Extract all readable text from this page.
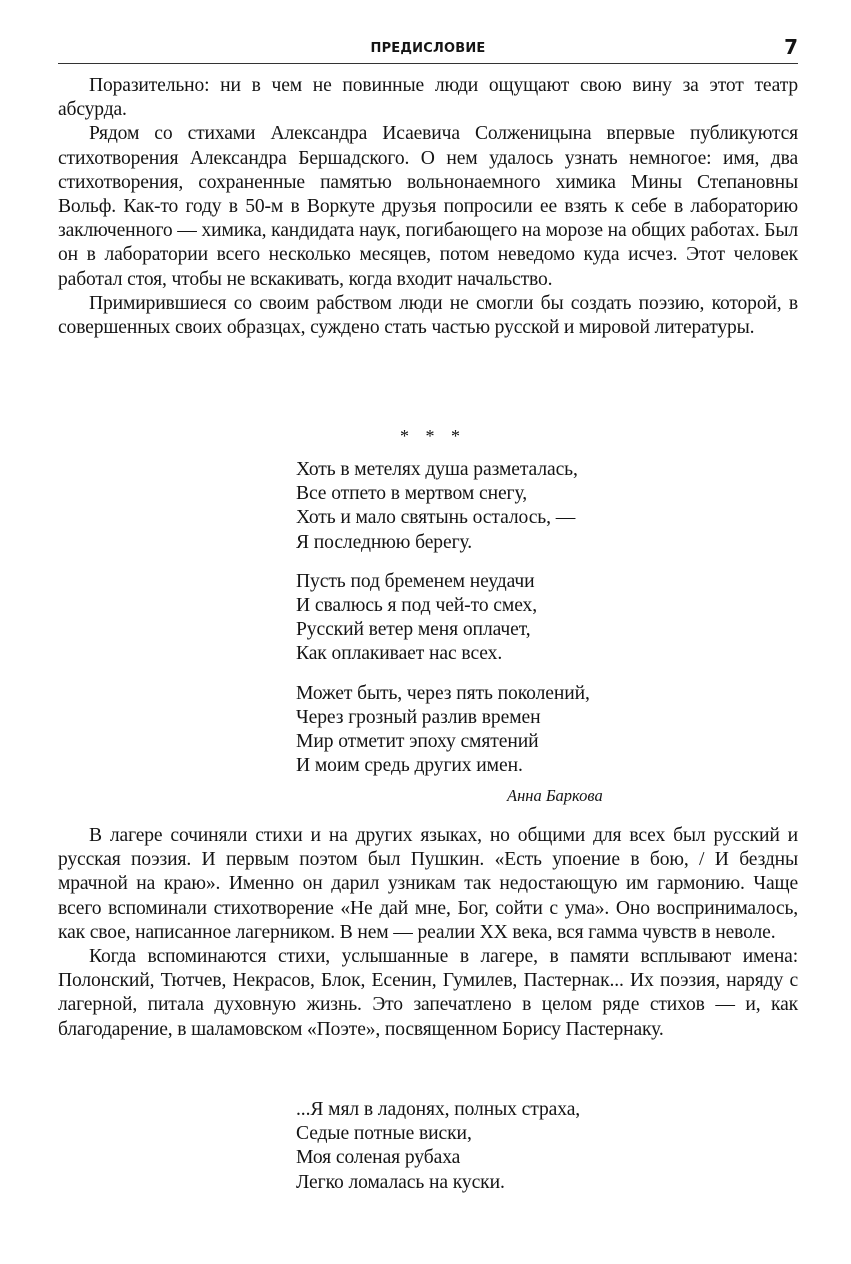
ПРЕДИСЛОВИЕ	7

Поразительно: ни в чем не повинные люди ощущают свою вину за этот театр абсурда.

Рядом со стихами Александра Исаевича Солженицына впервые публикуются стихотворения Александра Бершадского. О нем удалось узнать немногое: имя, два стихотворения, сохраненные памятью вольнонаемного химика Мины Степановны Вольф. Как-то году в 50-м в Воркуте друзья попросили ее взять к себе в лабораторию заключенного — химика, кандидата наук, погибающего на морозе на общих работах. Был он в лаборатории всего несколько месяцев, потом неведомо куда исчез. Этот человек работал стоя, чтобы не вскакивать, когда входит начальство.

Примирившиеся со своим рабством люди не смогли бы создать поэзию, которой, в совершенных своих образцах, суждено стать частью русской и мировой литературы.

* * *
Хоть в метелях душа разметалась,
Все отпето в мертвом снегу,
Хоть и мало святынь осталось, —
Я последнюю берегу.
Пусть под бременем неудачи
И свалюсь я под чей-то смех,
Русский ветер меня оплачет,
Как оплакивает нас всех.
Может быть, через пять поколений,
Через грозный разлив времен
Мир отметит эпоху смятений
И моим средь других имен.
Анна Баркова

В лагере сочиняли стихи и на других языках, но общими для всех был русский и русская поэзия. И первым поэтом был Пушкин. «Есть упоение в бою, / И бездны мрачной на краю». Именно он дарил узникам так недостающую им гармонию. Чаще всего вспоминали стихотворение «Не дай мне, Бог, сойти с ума». Оно воспринималось, как свое, написанное лагерником. В нем — реалии XX века, вся гамма чувств в неволе.

Когда вспоминаются стихи, услышанные в лагере, в памяти всплывают имена: Полонский, Тютчев, Некрасов, Блок, Есенин, Гумилев, Пастернак... Их поэзия, наряду с лагерной, питала духовную жизнь. Это запечатлено в целом ряде стихов — и, как благодарение, в шаламовском «Поэте», посвященном Борису Пастернаку.

...Я мял в ладонях, полных страха,
Седые потные виски,
Моя соленая рубаха
Легко ломалась на куски.
